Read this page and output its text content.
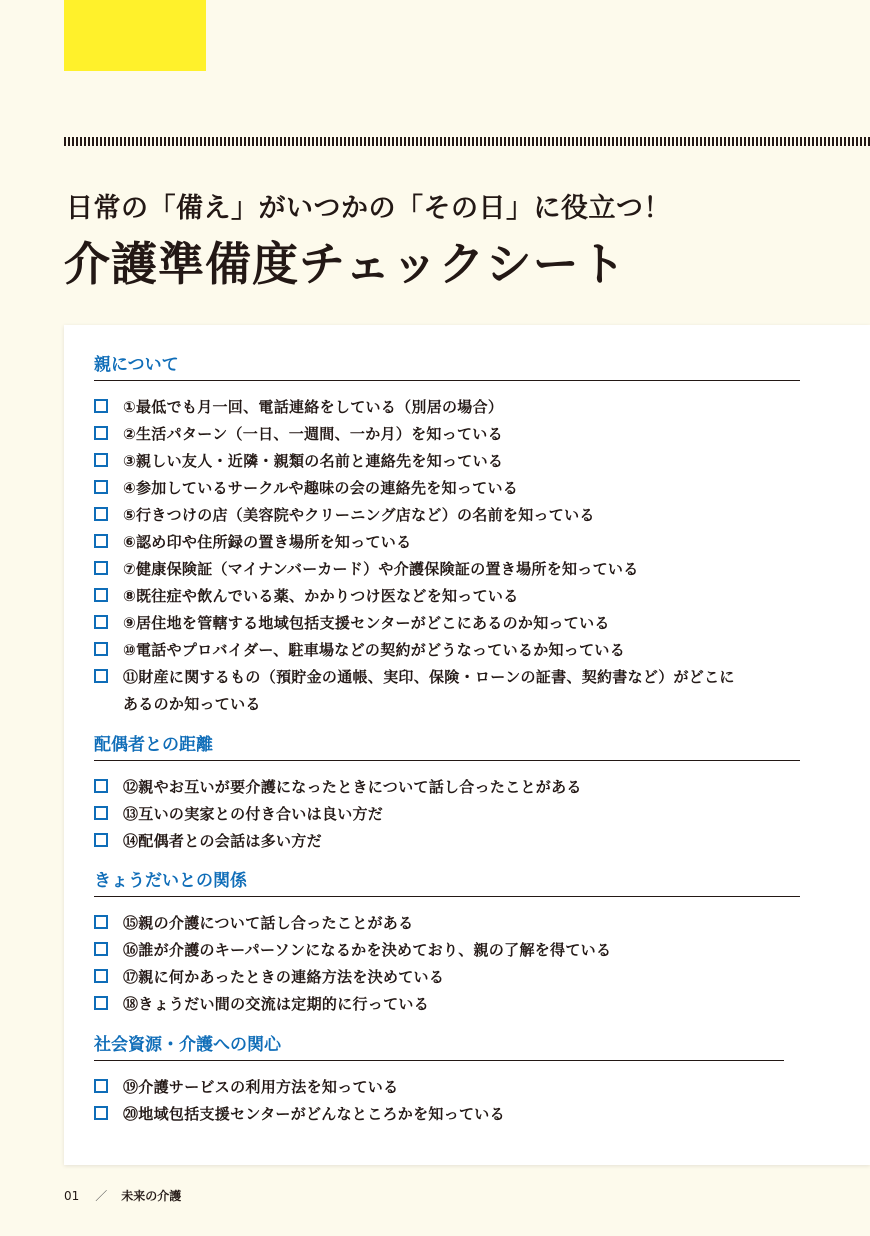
日常の「備え」がいつかの「その日」に役立つ！
介護準備度チェックシート
親について
①最低でも月一回、電話連絡をしている（別居の場合）
②生活パターン（一日、一週間、一か月）を知っている
③親しい友人・近隣・親類の名前と連絡先を知っている
④参加しているサークルや趣味の会の連絡先を知っている
⑤行きつけの店（美容院やクリーニング店など）の名前を知っている
⑥認め印や住所録の置き場所を知っている
⑦健康保険証（マイナンバーカード）や介護保険証の置き場所を知っている
⑧既往症や飲んでいる薬、かかりつけ医などを知っている
⑨居住地を管轄する地域包括支援センターがどこにあるのか知っている
⑩電話やプロバイダー、駐車場などの契約がどうなっているか知っている
⑪財産に関するもの（預貯金の通帳、実印、保険・ローンの証書、契約書など）がどこにあるのか知っている
配偶者との距離
⑫親やお互いが要介護になったときについて話し合ったことがある
⑬互いの実家との付き合いは良い方だ
⑭配偶者との会話は多い方だ
きょうだいとの関係
⑮親の介護について話し合ったことがある
⑯誰が介護のキーパーソンになるかを決めており、親の了解を得ている
⑰親に何かあったときの連絡方法を決めている
⑱きょうだい間の交流は定期的に行っている
社会資源・介護への関心
⑲介護サービスの利用方法を知っている
⑳地域包括支援センターがどんなところかを知っている
01 ／ 未来の介護
